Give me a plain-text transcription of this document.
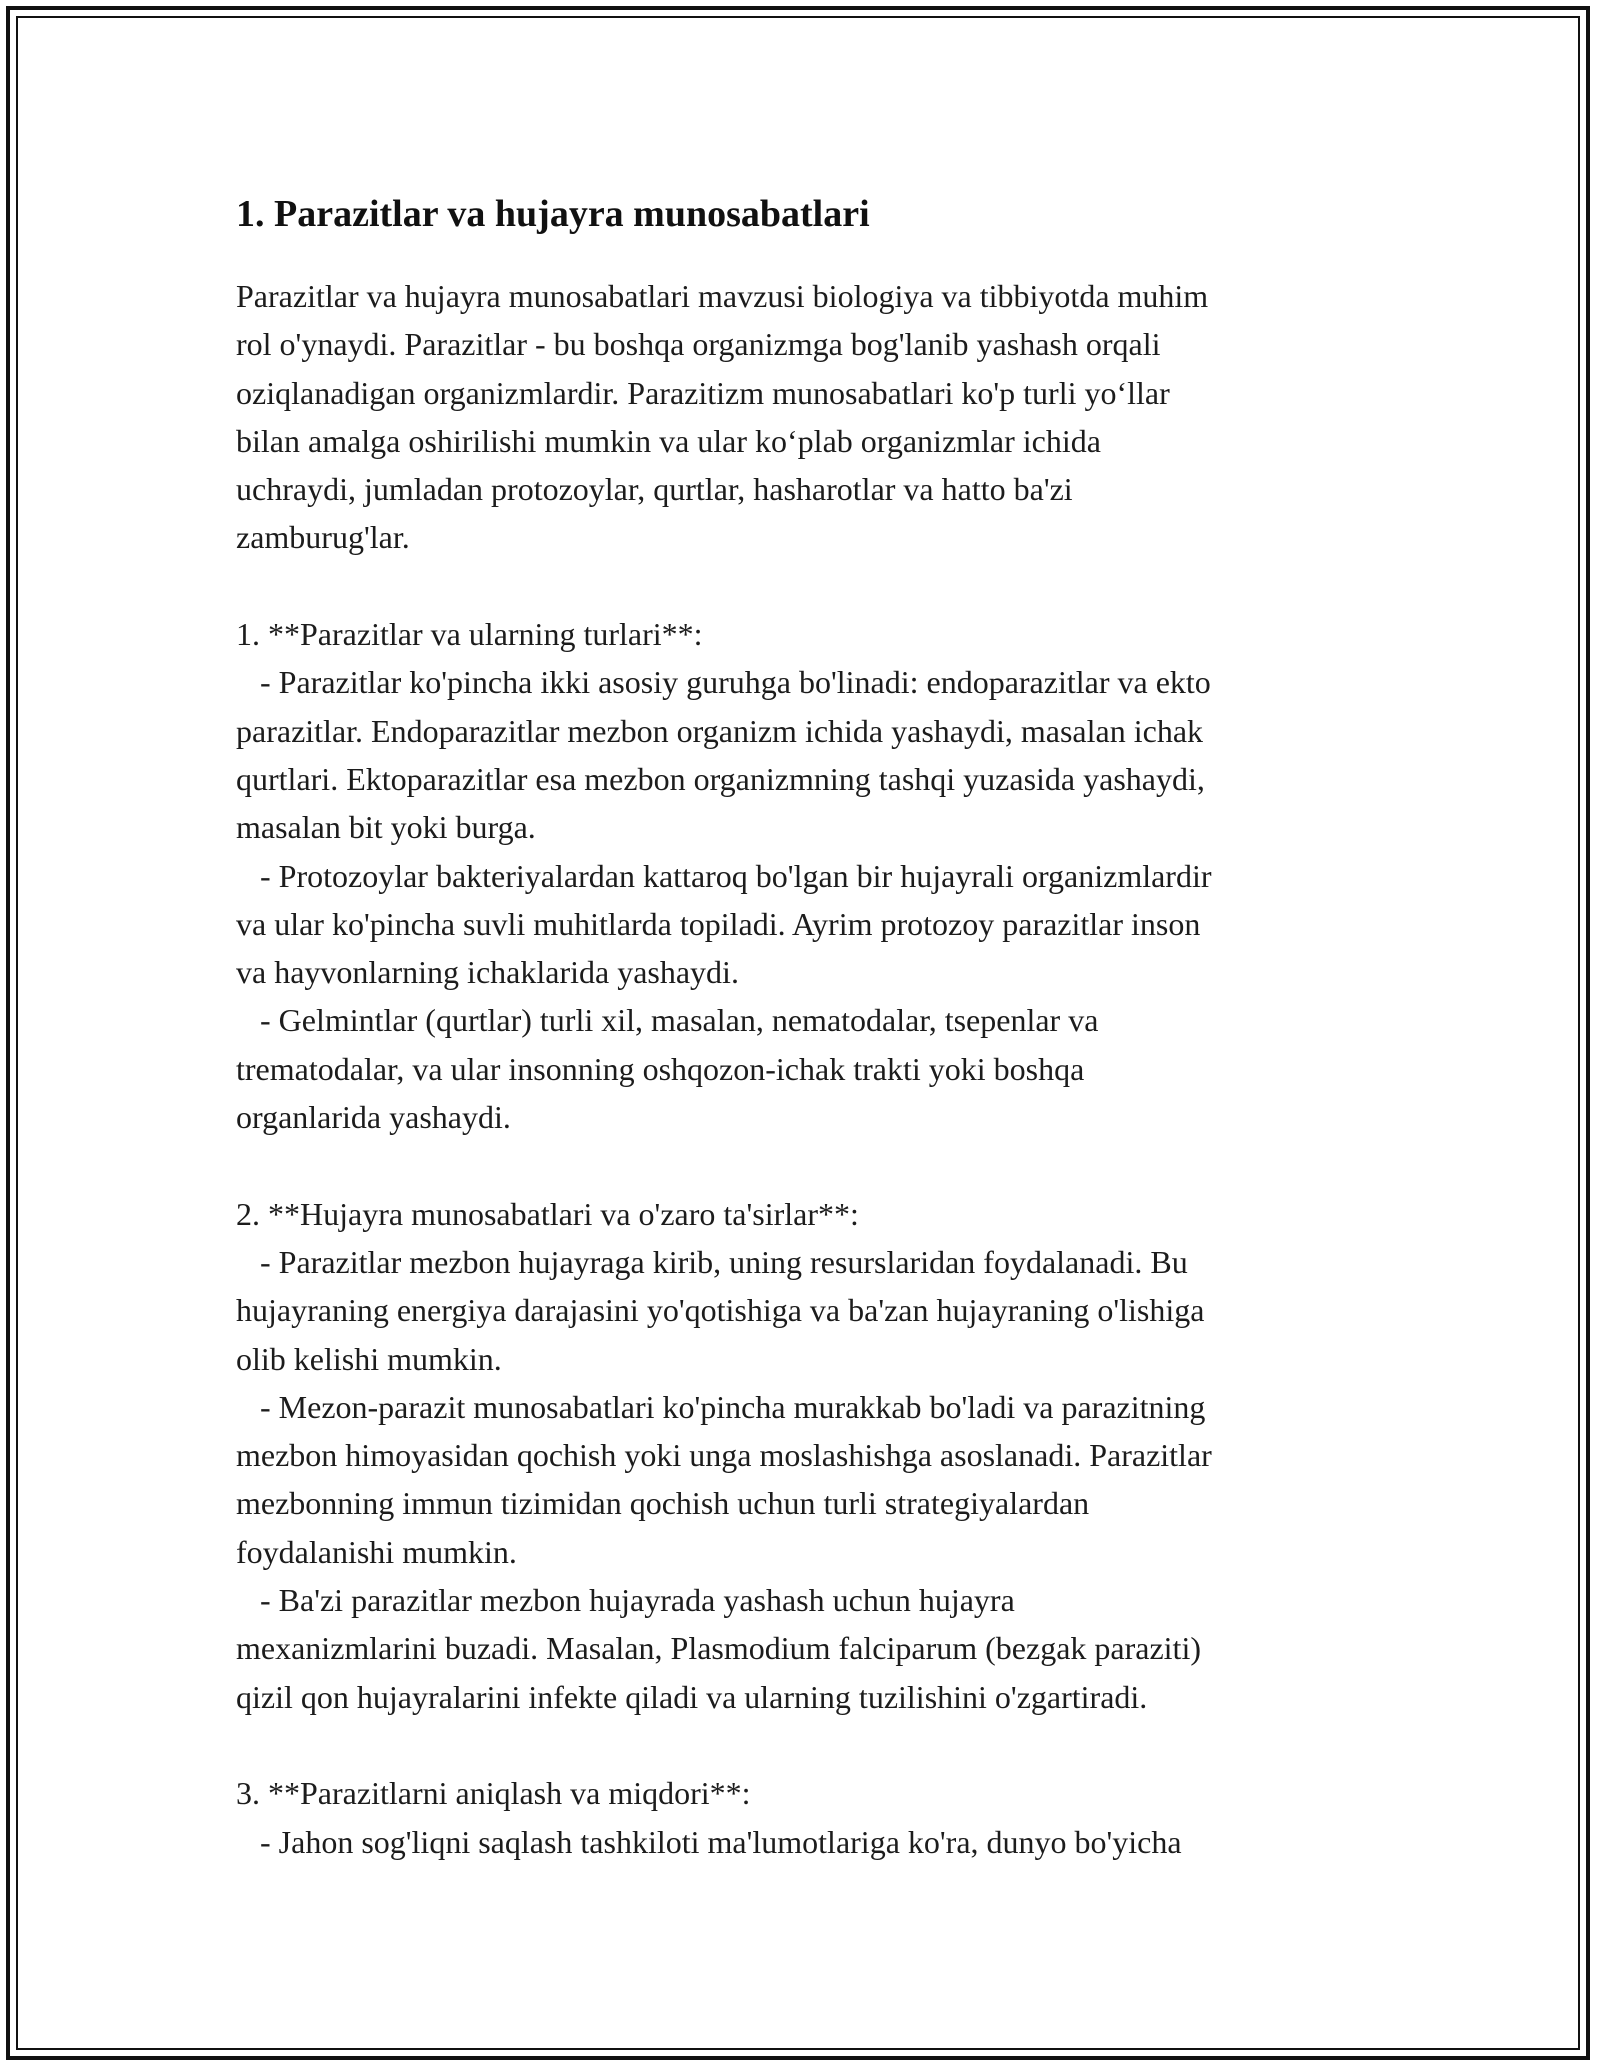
1. Parazitlar va hujayra munosabatlari
Parazitlar va hujayra munosabatlari mavzusi biologiya va tibbiyotda muhim
rol o'ynaydi. Parazitlar - bu boshqa organizmga bog'lanib yashash orqali
oziqlanadigan organizmlardir. Parazitizm munosabatlari ko'p turli yo‘llar
bilan amalga oshirilishi mumkin va ular ko‘plab organizmlar ichida
uchraydi, jumladan protozoylar, qurtlar, hasharotlar va hatto ba'zi
zamburug'lar.
1. **Parazitlar va ularning turlari**:
- Parazitlar ko'pincha ikki asosiy guruhga bo'linadi: endoparazitlar va ekto
parazitlar. Endoparazitlar mezbon organizm ichida yashaydi, masalan ichak
qurtlari. Ektoparazitlar esa mezbon organizmning tashqi yuzasida yashaydi,
masalan bit yoki burga.
- Protozoylar bakteriyalardan kattaroq bo'lgan bir hujayrali organizmlardir
va ular ko'pincha suvli muhitlarda topiladi. Ayrim protozoy parazitlar inson
va hayvonlarning ichaklarida yashaydi.
- Gelmintlar (qurtlar) turli xil, masalan, nematodalar, tsepenlar va
trematodalar, va ular insonning oshqozon-ichak trakti yoki boshqa
organlarida yashaydi.
2. **Hujayra munosabatlari va o'zaro ta'sirlar**:
- Parazitlar mezbon hujayraga kirib, uning resurslaridan foydalanadi. Bu
hujayraning energiya darajasini yo'qotishiga va ba'zan hujayraning o'lishiga
olib kelishi mumkin.
- Mezon-parazit munosabatlari ko'pincha murakkab bo'ladi va parazitning
mezbon himoyasidan qochish yoki unga moslashishga asoslanadi. Parazitlar
mezbonning immun tizimidan qochish uchun turli strategiyalardan
foydalanishi mumkin.
- Ba'zi parazitlar mezbon hujayrada yashash uchun hujayra
mexanizmlarini buzadi. Masalan, Plasmodium falciparum (bezgak paraziti)
qizil qon hujayralarini infekte qiladi va ularning tuzilishini o'zgartiradi.
3. **Parazitlarni aniqlash va miqdori**:
- Jahon sog'liqni saqlash tashkiloti ma'lumotlariga ko'ra, dunyo bo'yicha
